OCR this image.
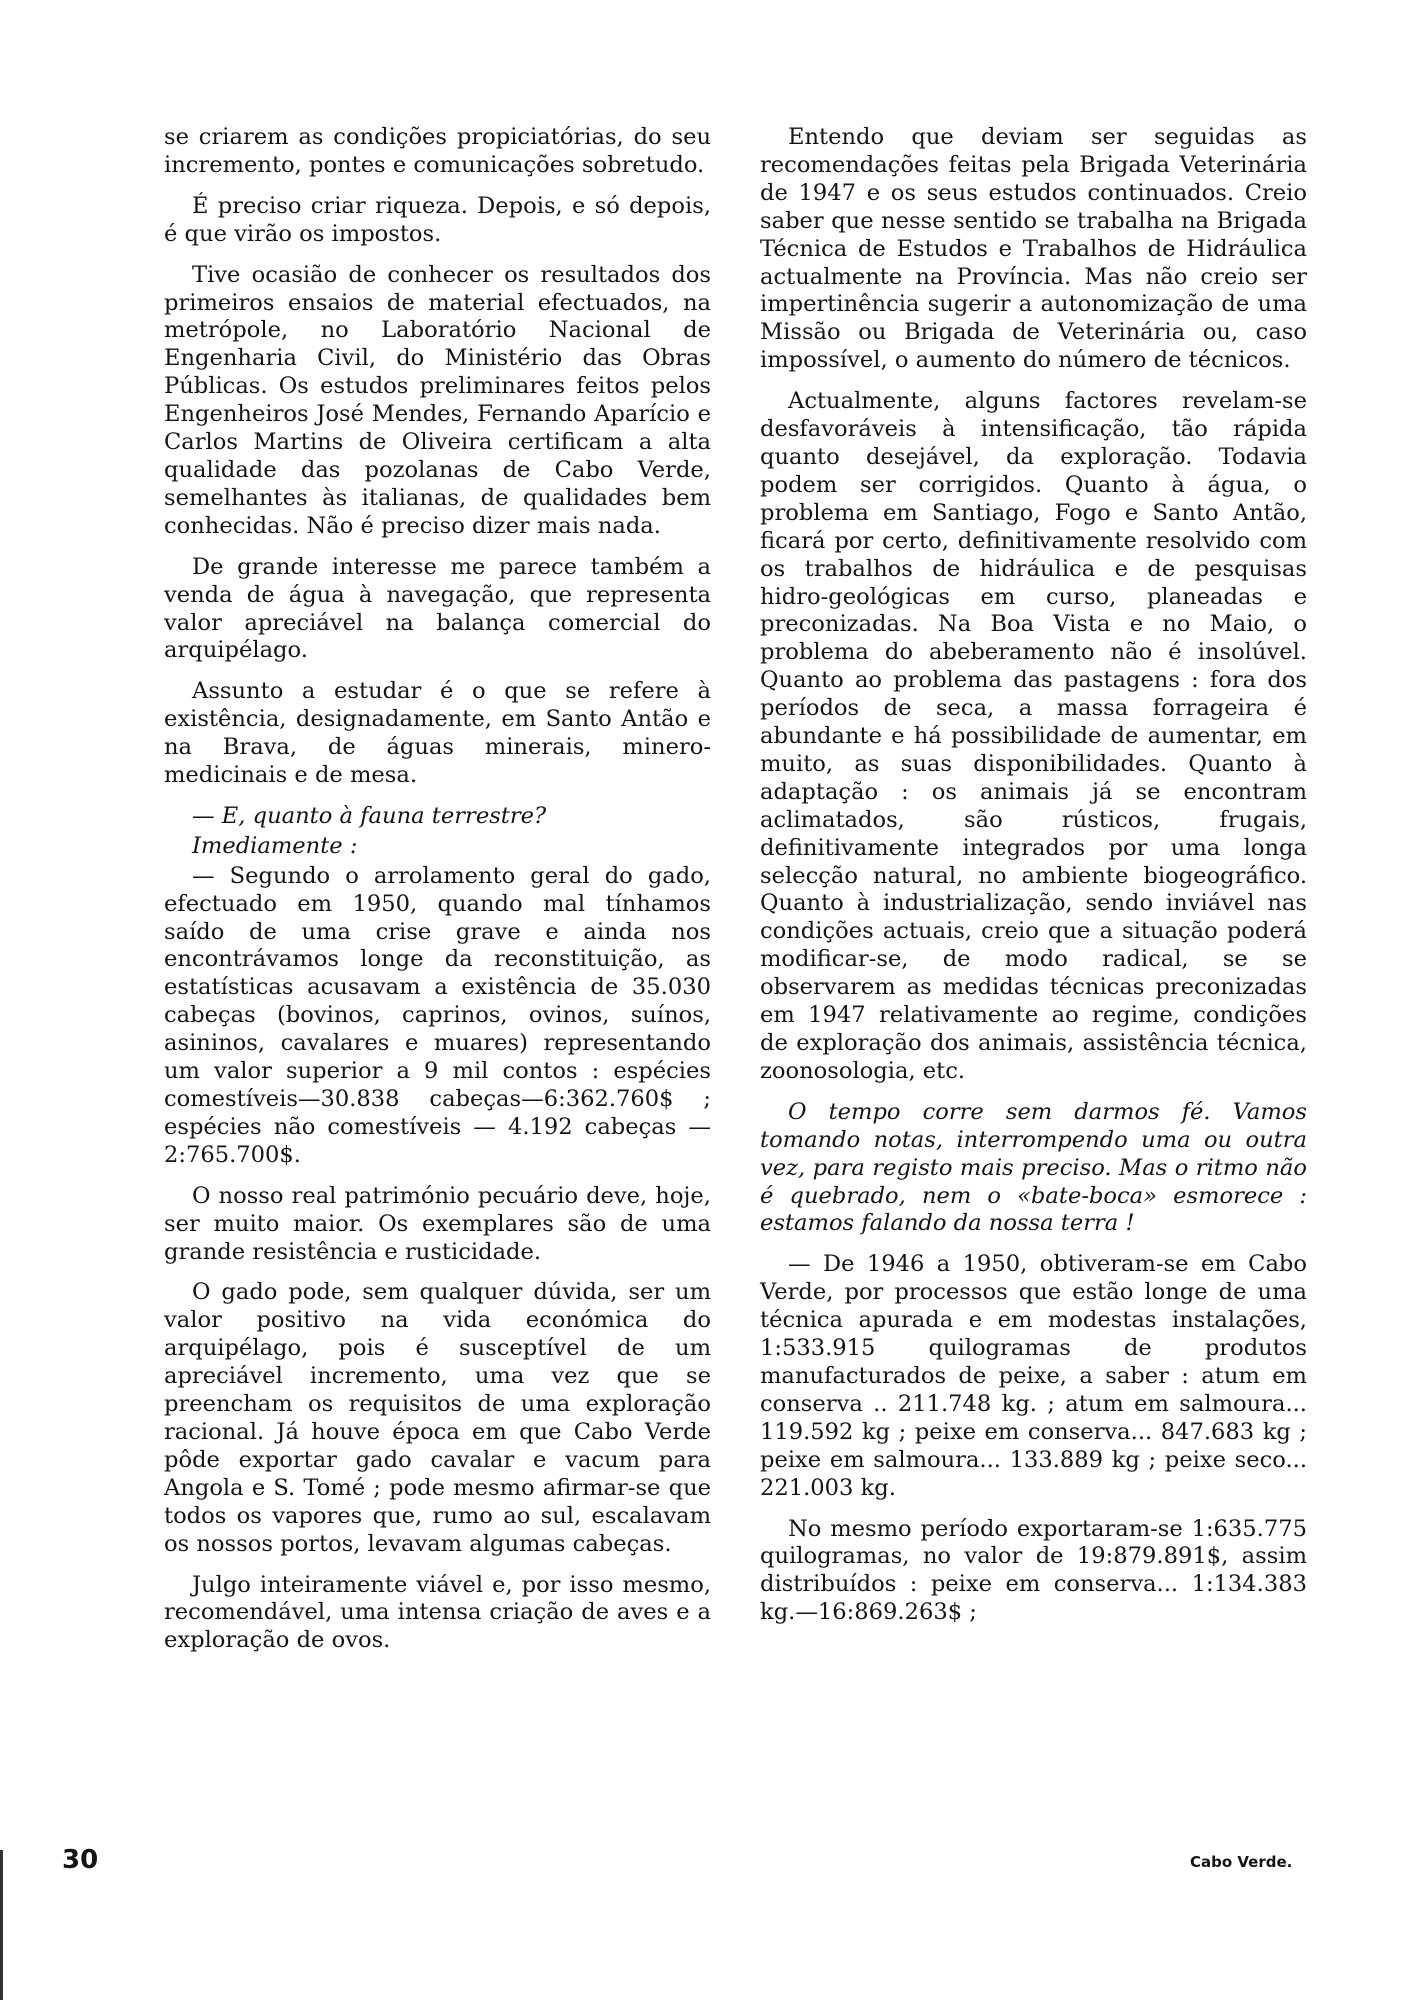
se criarem as condições propiciatórias, do seu incremento, pontes e comunicações sobretudo.

É preciso criar riqueza. Depois, e só depois, é que virão os impostos.

Tive ocasião de conhecer os resultados dos primeiros ensaios de material efectuados, na metrópole, no Laboratório Nacional de Engenharia Civil, do Ministério das Obras Públicas. Os estudos preliminares feitos pelos Engenheiros José Mendes, Fernando Aparício e Carlos Martins de Oliveira certificam a alta qualidade das pozolanas de Cabo Verde, semelhantes às italianas, de qualidades bem conhecidas. Não é preciso dizer mais nada.

De grande interesse me parece também a venda de água à navegação, que representa valor apreciável na balança comercial do arquipélago.

Assunto a estudar é o que se refere à existência, designadamente, em Santo Antão e na Brava, de águas minerais, minero-medicinais e de mesa.

— E, quanto à fauna terrestre?

Imediamente :

— Segundo o arrolamento geral do gado, efectuado em 1950, quando mal tínhamos saído de uma crise grave e ainda nos encontrávamos longe da reconstituição, as estatísticas acusavam a existência de 35.030 cabeças (bovinos, caprinos, ovinos, suínos, asininos, cavalares e muares) representando um valor superior a 9 mil contos : espécies comestíveis—30.838 cabeças—6:362.760$ ; espécies não comestíveis — 4.192 cabeças — 2:765.700$.

O nosso real património pecuário deve, hoje, ser muito maior. Os exemplares são de uma grande resistência e rusticidade.

O gado pode, sem qualquer dúvida, ser um valor positivo na vida económica do arquipélago, pois é susceptível de um apreciável incremento, uma vez que se preencham os requisitos de uma exploração racional. Já houve época em que Cabo Verde pôde exportar gado cavalar e vacum para Angola e S. Tomé ; pode mesmo afirmar-se que todos os vapores que, rumo ao sul, escalavam os nossos portos, levavam algumas cabeças.

Julgo inteiramente viável e, por isso mesmo, recomendável, uma intensa criação de aves e a exploração de ovos.

Entendo que deviam ser seguidas as recomendações feitas pela Brigada Veterinária de 1947 e os seus estudos continuados. Creio saber que nesse sentido se trabalha na Brigada Técnica de Estudos e Trabalhos de Hidráulica actualmente na Província. Mas não creio ser impertinência sugerir a autonomização de uma Missão ou Brigada de Veterinária ou, caso impossível, o aumento do número de técnicos.

Actualmente, alguns factores revelam-se desfavoráveis à intensificação, tão rápida quanto desejável, da exploração. Todavia podem ser corrigidos. Quanto à água, o problema em Santiago, Fogo e Santo Antão, ficará por certo, definitivamente resolvido com os trabalhos de hidráulica e de pesquisas hidro-geológicas em curso, planeadas e preconizadas. Na Boa Vista e no Maio, o problema do abeberamento não é insolúvel. Quanto ao problema das pastagens : fora dos períodos de seca, a massa forrageira é abundante e há possibilidade de aumentar, em muito, as suas disponibilidades. Quanto à adaptação : os animais já se encontram aclimatados, são rústicos, frugais, definitivamente integrados por uma longa selecção natural, no ambiente biogeográfico. Quanto à industrialização, sendo inviável nas condições actuais, creio que a situação poderá modificar-se, de modo radical, se se observarem as medidas técnicas preconizadas em 1947 relativamente ao regime, condições de exploração dos animais, assistência técnica, zoonosologia, etc.

O tempo corre sem darmos fé. Vamos tomando notas, interrompendo uma ou outra vez, para registo mais preciso. Mas o ritmo não é quebrado, nem o «bate-boca» esmorece : estamos falando da nossa terra !

— De 1946 a 1950, obtiveram-se em Cabo Verde, por processos que estão longe de uma técnica apurada e em modestas instalações, 1:533.915 quilogramas de produtos manufacturados de peixe, a saber : atum em conserva .. 211.748 kg. ; atum em salmoura... 119.592 kg ; peixe em conserva... 847.683 kg ; peixe em salmoura... 133.889 kg ; peixe seco... 221.003 kg.

No mesmo período exportaram-se 1:635.775 quilogramas, no valor de 19:879.891$, assim distribuídos : peixe em conserva... 1:134.383 kg.—16:869.263$ ;

30	Cabo Verde.
